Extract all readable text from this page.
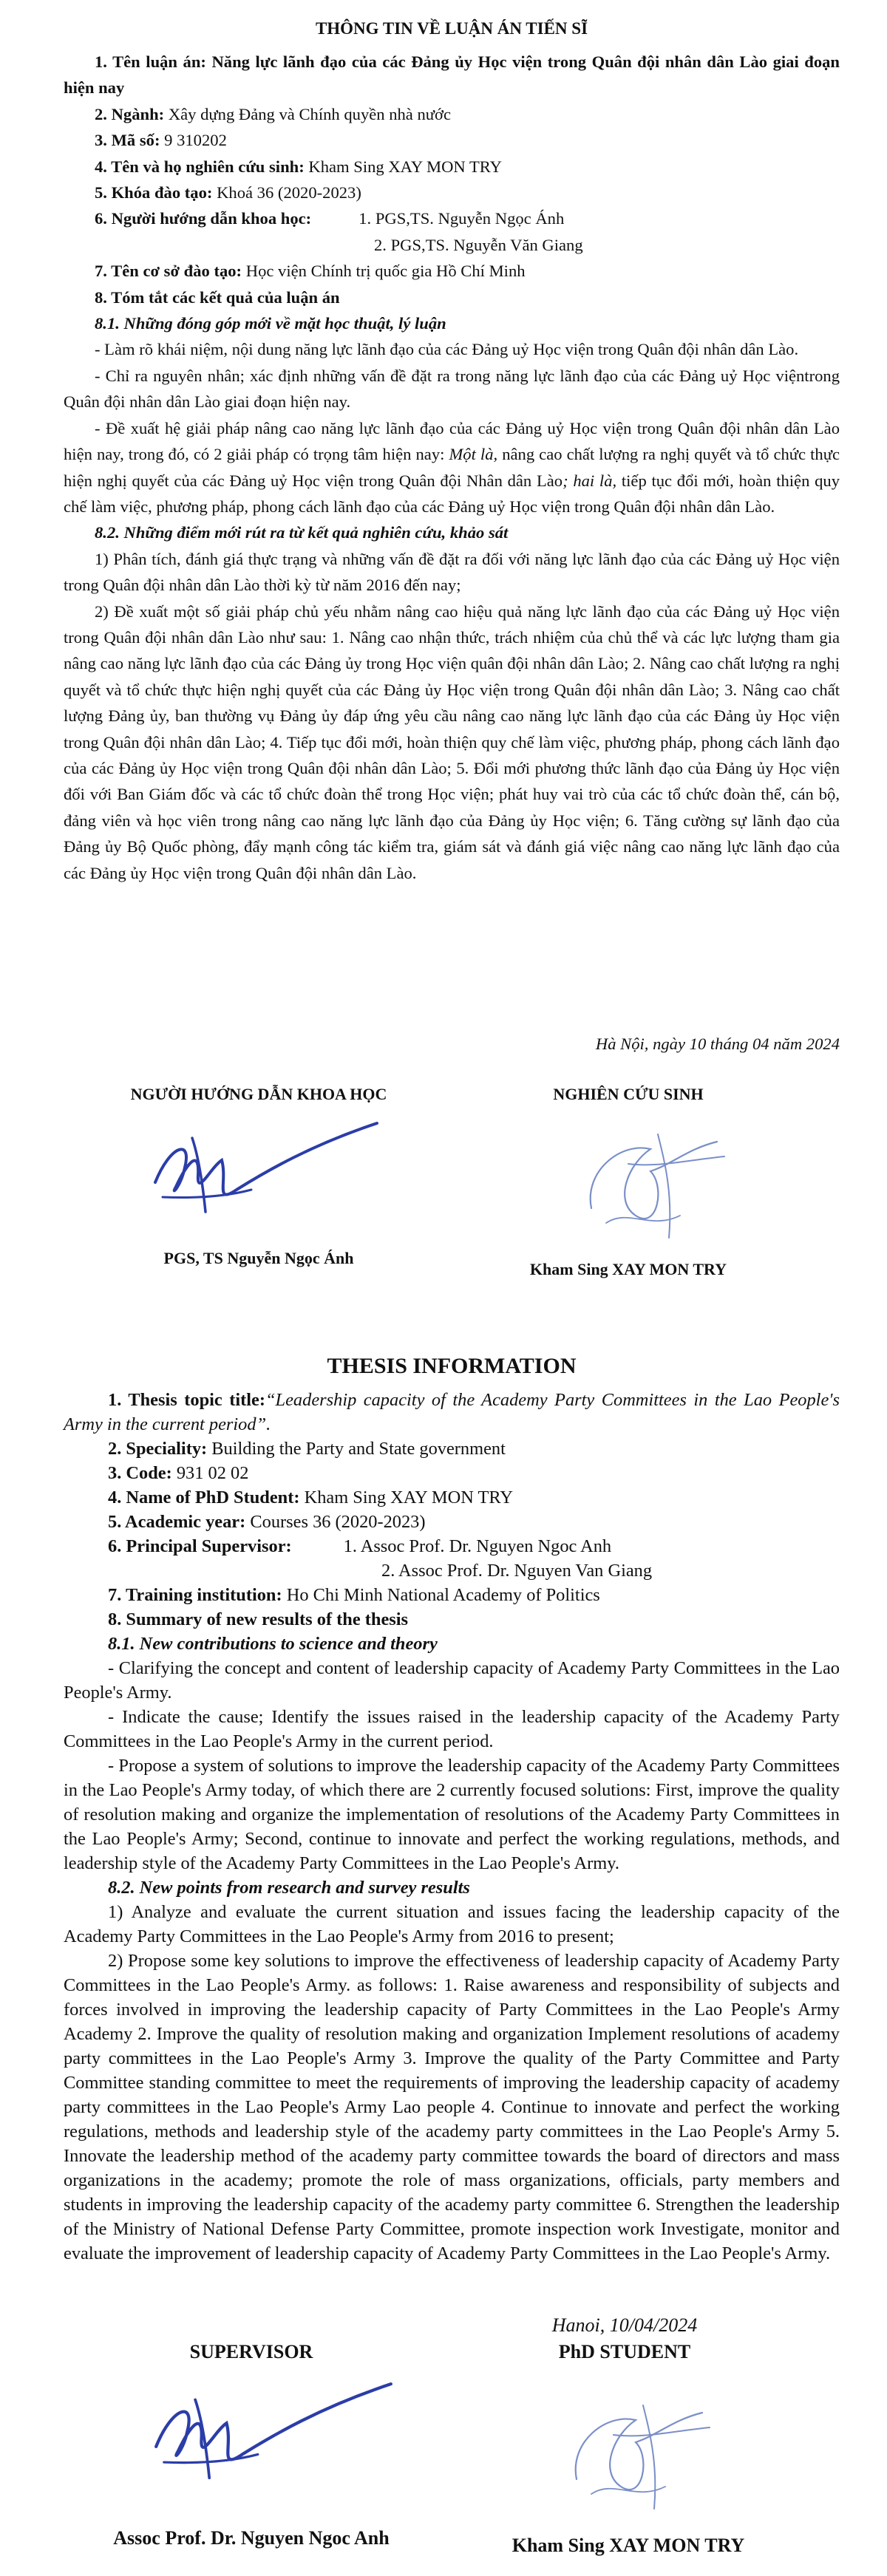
THÔNG TIN VỀ LUẬN ÁN TIẾN SĨ

1. Tên luận án: Năng lực lãnh đạo của các Đảng ủy Học viện trong Quân đội nhân dân Lào giai đoạn hiện nay

2. Ngành: Xây dựng Đảng và Chính quyền nhà nước

3. Mã số: 9 310202

4. Tên và họ nghiên cứu sinh: Kham Sing XAY MON TRY

5. Khóa đào tạo: Khoá 36 (2020-2023)

6. Người hướng dẫn khoa học:	1. PGS,TS. Nguyễn Ngọc Ánh

2. PGS,TS. Nguyễn Văn Giang

7. Tên cơ sở đào tạo: Học viện Chính trị quốc gia Hồ Chí Minh

8. Tóm tắt các kết quả của luận án

8.1. Những đóng góp mới về mặt học thuật, lý luận

- Làm rõ khái niệm, nội dung năng lực lãnh đạo của các Đảng uỷ Học viện trong Quân đội nhân dân Lào.

- Chỉ ra nguyên nhân; xác định những vấn đề đặt ra trong năng lực lãnh đạo của các Đảng uỷ Học việntrong Quân đội nhân dân Lào giai đoạn hiện nay.

- Đề xuất hệ giải pháp nâng cao năng lực lãnh đạo của các Đảng uỷ Học viện trong Quân đội nhân dân Lào hiện nay, trong đó, có 2 giải pháp có trọng tâm hiện nay: Một là, nâng cao chất lượng ra nghị quyết và tổ chức thực hiện nghị quyết của các Đảng uỷ Học viện trong Quân đội Nhân dân Lào; hai là, tiếp tục đổi mới, hoàn thiện quy chế làm việc, phương pháp, phong cách lãnh đạo của các Đảng uỷ Học viện trong Quân đội nhân dân Lào.

8.2. Những điểm mới rút ra từ kết quả nghiên cứu, khảo sát

1) Phân tích, đánh giá thực trạng và những vấn đề đặt ra đối với năng lực lãnh đạo của các Đảng uỷ Học viện trong Quân đội nhân dân Lào thời kỳ từ năm 2016 đến nay;

2) Đề xuất một số giải pháp chủ yếu nhằm nâng cao hiệu quả năng lực lãnh đạo của các Đảng uỷ Học viện trong Quân đội nhân dân Lào như sau: 1. Nâng cao nhận thức, trách nhiệm của chủ thể và các lực lượng tham gia nâng cao năng lực lãnh đạo của các Đảng ủy trong Học viện quân đội nhân dân Lào; 2. Nâng cao chất lượng ra nghị quyết và tổ chức thực hiện nghị quyết của các Đảng ủy Học viện trong Quân đội nhân dân Lào; 3. Nâng cao chất lượng Đảng ủy, ban thường vụ Đảng ủy đáp ứng yêu cầu nâng cao năng lực lãnh đạo của các Đảng ủy Học viện trong Quân đội nhân dân Lào; 4. Tiếp tục đổi mới, hoàn thiện quy chế làm việc, phương pháp, phong cách lãnh đạo của các Đảng ủy Học viện trong Quân đội nhân dân Lào; 5. Đổi mới phương thức lãnh đạo của Đảng ủy Học viện đối với Ban Giám đốc và các tổ chức đoàn thể trong Học viện; phát huy vai trò của các tổ chức đoàn thể, cán bộ, đảng viên và học viên trong nâng cao năng lực lãnh đạo của Đảng ủy Học viện; 6. Tăng cường sự lãnh đạo của Đảng ủy Bộ Quốc phòng, đẩy mạnh công tác kiểm tra, giám sát và đánh giá việc nâng cao năng lực lãnh đạo của các Đảng ủy Học viện trong Quân đội nhân dân Lào.

Hà Nội, ngày 10 tháng 04 năm 2024
NGƯỜI HƯỚNG DẪN KHOA HỌC	NGHIÊN CỨU SINH
PGS, TS Nguyễn Ngọc Ánh
Kham Sing XAY MON TRY
THESIS INFORMATION

1. Thesis topic title:“Leadership capacity of the Academy Party Committees in the Lao People's Army in the current period”.

2. Speciality: Building the Party and State government

3. Code: 931 02 02

4. Name of PhD Student: Kham Sing XAY MON TRY

5. Academic year: Courses 36 (2020-2023)

6. Principal Supervisor:	1. Assoc Prof. Dr. Nguyen Ngoc Anh

2. Assoc Prof. Dr. Nguyen Van Giang

7. Training institution: Ho Chi Minh National Academy of Politics

8. Summary of new results of the thesis

8.1. New contributions to science and theory

- Clarifying the concept and content of leadership capacity of Academy Party Committees in the Lao People's Army.

- Indicate the cause; Identify the issues raised in the leadership capacity of the Academy Party Committees in the Lao People's Army in the current period.

- Propose a system of solutions to improve the leadership capacity of the Academy Party Committees in the Lao People's Army today, of which there are 2 currently focused solutions: First, improve the quality of resolution making and organize the implementation of resolutions of the Academy Party Committees in the Lao People's Army; Second, continue to innovate and perfect the working regulations, methods, and leadership style of the Academy Party Committees in the Lao People's Army.

8.2. New points from research and survey results

1) Analyze and evaluate the current situation and issues facing the leadership capacity of the Academy Party Committees in the Lao People's Army from 2016 to present;

2) Propose some key solutions to improve the effectiveness of leadership capacity of Academy Party Committees in the Lao People's Army. as follows: 1. Raise awareness and responsibility of subjects and forces involved in improving the leadership capacity of Party Committees in the Lao People's Army Academy 2. Improve the quality of resolution making and organization Implement resolutions of academy party committees in the Lao People's Army 3. Improve the quality of the Party Committee and Party Committee standing committee to meet the requirements of improving the leadership capacity of academy party committees in the Lao People's Army Lao people 4. Continue to innovate and perfect the working regulations, methods and leadership style of the academy party committees in the Lao People's Army 5. Innovate the leadership method of the academy party committee towards the board of directors and mass organizations in the academy; promote the role of mass organizations, officials, party members and students in improving the leadership capacity of the academy party committee 6. Strengthen the leadership of the Ministry of National Defense Party Committee, promote inspection work Investigate, monitor and evaluate the improvement of leadership capacity of Academy Party Committees in the Lao People's Army.

Hanoi, 10/04/2024
SUPERVISOR	PhD STUDENT
Assoc Prof. Dr. Nguyen Ngoc Anh	Kham Sing XAY MON TRY
